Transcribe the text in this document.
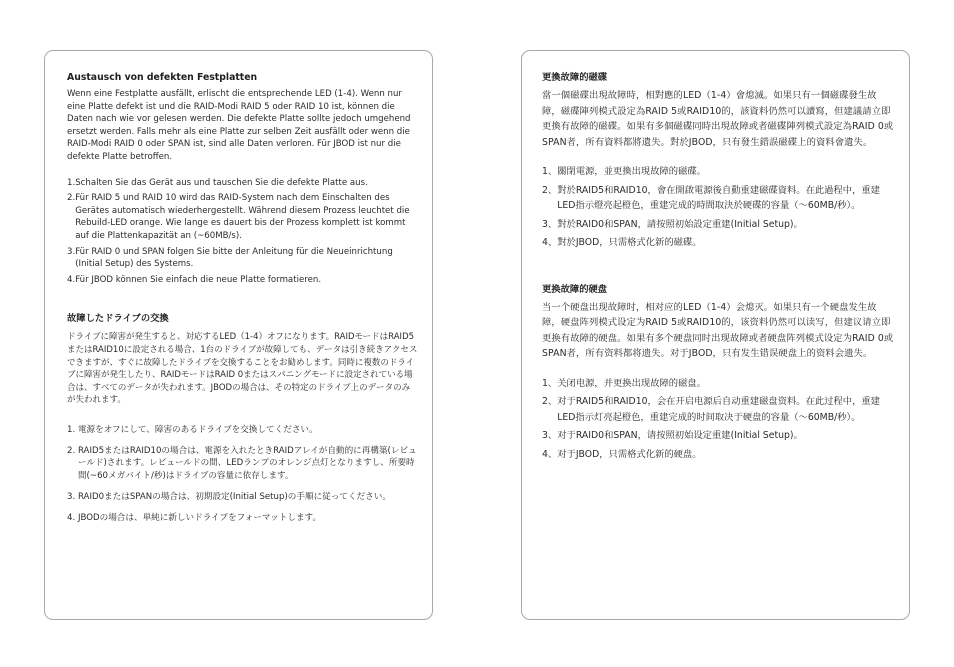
Austausch von defekten Festplatten

Wenn eine Festplatte ausfällt, erlischt die entsprechende LED (1-4). Wenn nur eine Platte defekt ist und die RAID-Modi RAID 5 oder RAID 10 ist, können die Daten nach wie vor gelesen werden. Die defekte Platte sollte jedoch umgehend ersetzt werden. Falls mehr als eine Platte zur selben Zeit ausfällt oder wenn die RAID-Modi RAID 0 oder SPAN ist, sind alle Daten verloren. Für JBOD ist nur die defekte Platte betroffen.

1. Schalten Sie das Gerät aus und tauschen Sie die defekte Platte aus.
2. Für RAID 5 und RAID 10 wird das RAID-System nach dem Einschalten des Gerätes automatisch wiederhergestellt. Während diesem Prozess leuchtet die Rebuild-LED orange. Wie lange es dauert bis der Prozess komplett ist kommt auf die Plattenkapazität an (~60MB/s).
3. Für RAID 0 und SPAN folgen Sie bitte der Anleitung für die Neueinrichtung (Initial Setup) des Systems.
4. Für JBOD können Sie einfach die neue Platte formatieren.
故障したドライブの交換

ドライブに障害が発生すると、対応するLED（1-4）オフになります。RAIDモードはRAID5またはRAID10に設定される場合、1台のドライブが故障しても、データは引き続きアクセスできますが、すぐに故障したドライブを交換することをお勧めします。同時に複数のドライブに障害が発生したり、RAIDモードはRAID 0またはスパニングモードに設定されている場合は、すべてのデータが失われます。JBODの場合は、その特定のドライブ上のデータのみが失われます。

1. 電源をオフにして、障害のあるドライブを交換してください。
2. RAID5またはRAID10の場合は、電源を入れたときRAIDアレイが自動的に再構築(レビュールド)されます。レビュールドの間、LEDランプのオレンジ点灯となりますし、所要時間(~60メガバイト/秒)はドライブの容量に依存します。
3. RAID0またはSPANの場合は、初期設定(Initial Setup)の手順に従ってください。
4. JBODの場合は、単純に新しいドライブをフォーマットします。
更換故障的磁碟

當一個磁碟出現故障時，相對應的LED（1-4）會熄滅。如果只有一個磁碟發生故障，磁碟陣列模式設定為RAID 5或RAID10的，該資料仍然可以讀寫，但建議請立即更換有故障的磁碟。如果有多個磁碟同時出現故障或者磁碟陣列模式設定為RAID 0或SPAN者，所有資料都將遺失。對於JBOD，只有發生錯誤磁碟上的資料會遺失。

1、 關閉電源，並更換出現故障的磁碟。
2、 對於RAID5和RAID10，會在開啟電源後自動重建磁碟資料。在此過程中，重建LED指示燈亮起橙色，重建完成的時間取決於硬碟的容量（～60MB/秒）。
3、 對於RAID0和SPAN，請按照初始設定重建(Initial Setup)。
4、 對於JBOD，只需格式化新的磁碟。
更换故障的硬盘

当一个硬盘出现故障时，相对应的LED（1-4）会熄灭。如果只有一个硬盘发生故障，硬盘阵列模式设定为RAID 5或RAID10的，该资料仍然可以读写，但建议请立即更换有故障的硬盘。如果有多个硬盘同时出现故障或者硬盘阵列模式设定为RAID 0或SPAN者，所有资料都将遗失。对于JBOD，只有发生错误硬盘上的资料会遗失。

1、 关闭电源，并更换出现故障的磁盘。
2、 对于RAID5和RAID10，会在开启电源后自动重建磁盘资料。在此过程中，重建LED指示灯亮起橙色，重建完成的时间取决于硬盘的容量（～60MB/秒）。
3、 对于RAID0和SPAN，请按照初始设定重建(Initial Setup)。
4、 对于JBOD，只需格式化新的硬盘。
